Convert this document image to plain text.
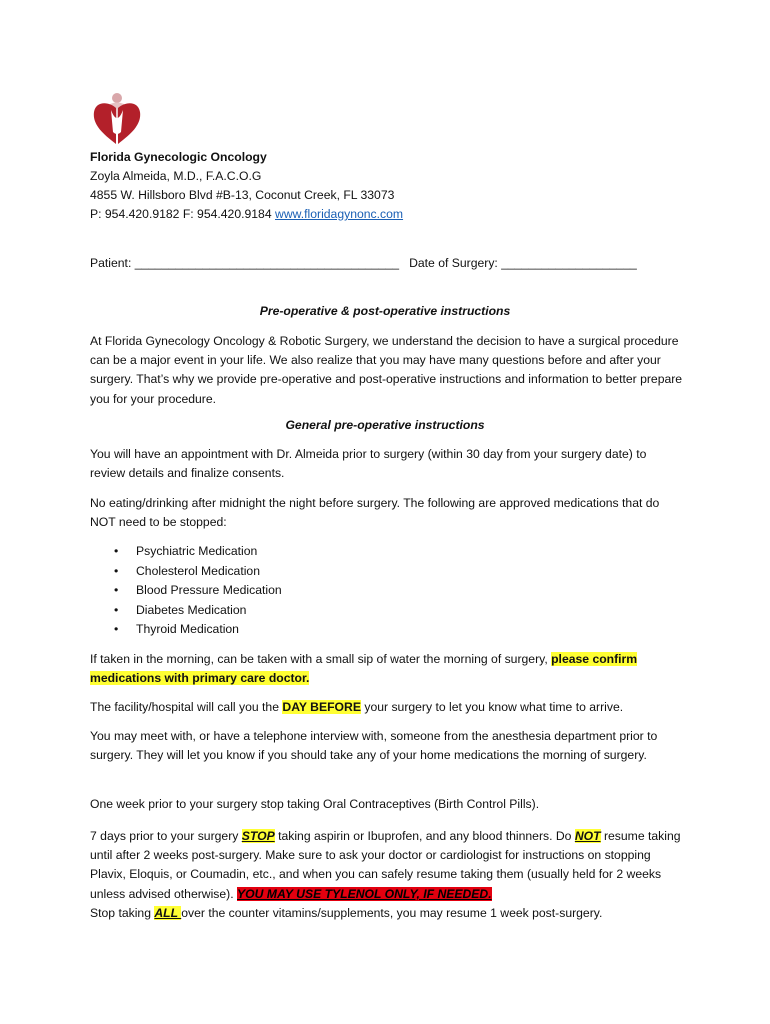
Florida Gynecologic Oncology
Zoyla Almeida, M.D., F.A.C.O.G
4855 W. Hillsboro Blvd #B-13, Coconut Creek, FL 33073
P: 954.420.9182 F: 954.420.9184 www.floridagynonc.com
Patient: _______________________________________ Date of Surgery: ____________________
Pre-operative & post-operative instructions

At Florida Gynecology Oncology & Robotic Surgery, we understand the decision to have a surgical procedure can be a major event in your life. We also realize that you may have many questions before and after your surgery. That’s why we provide pre-operative and post-operative instructions and information to better prepare you for your procedure.

General pre-operative instructions

You will have an appointment with Dr. Almeida prior to surgery (within 30 day from your surgery date) to review details and finalize consents.

No eating/drinking after midnight the night before surgery. The following are approved medications that do NOT need to be stopped:

• Psychiatric Medication
• Cholesterol Medication
• Blood Pressure Medication
• Diabetes Medication
• Thyroid Medication

If taken in the morning, can be taken with a small sip of water the morning of surgery, please confirm medications with primary care doctor.

The facility/hospital will call you the DAY BEFORE your surgery to let you know what time to arrive.

You may meet with, or have a telephone interview with, someone from the anesthesia department prior to surgery. They will let you know if you should take any of your home medications the morning of surgery.

One week prior to your surgery stop taking Oral Contraceptives (Birth Control Pills).

7 days prior to your surgery STOP taking aspirin or Ibuprofen, and any blood thinners. Do NOT resume taking until after 2 weeks post-surgery. Make sure to ask your doctor or cardiologist for instructions on stopping Plavix, Eloquis, or Coumadin, etc., and when you can safely resume taking them (usually held for 2 weeks unless advised otherwise). YOU MAY USE TYLENOL ONLY, IF NEEDED.
Stop taking ALL over the counter vitamins/supplements, you may resume 1 week post-surgery.
